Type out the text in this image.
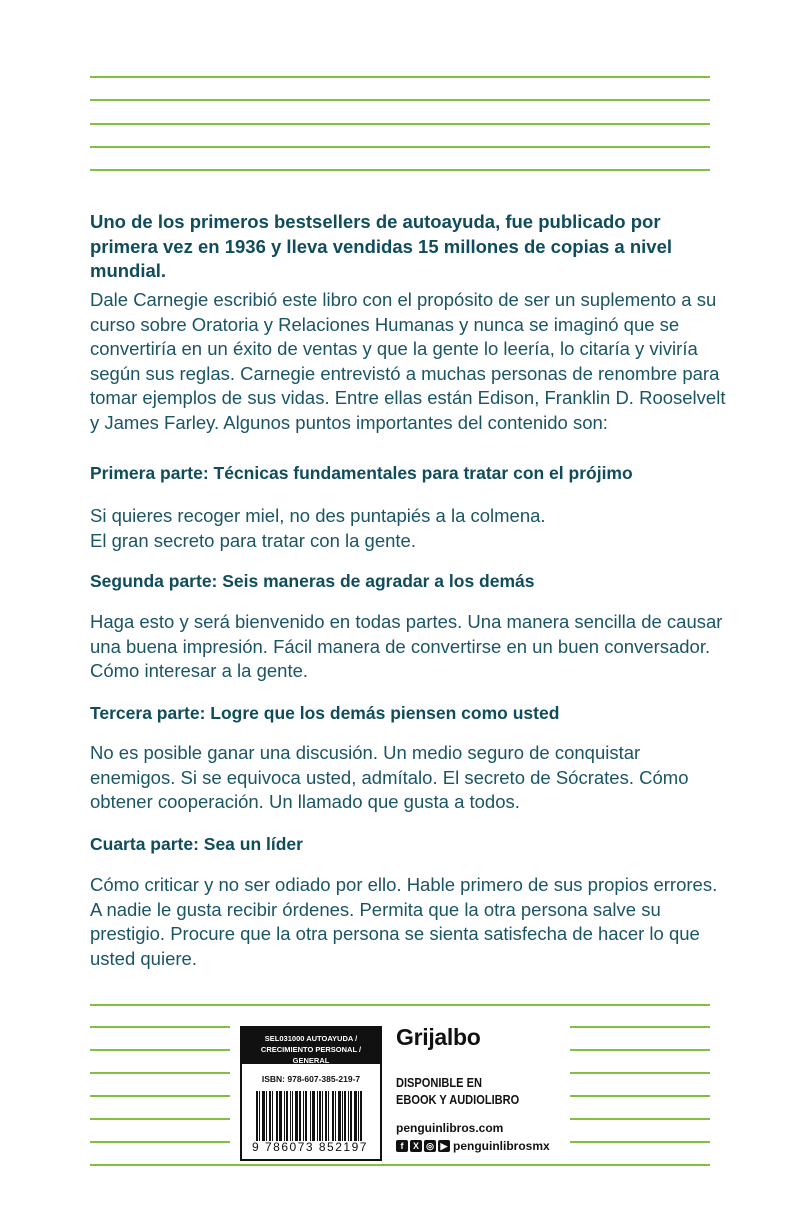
Uno de los primeros bestsellers de autoayuda, fue publicado por primera vez en 1936 y lleva vendidas 15 millones de copias a nivel mundial.

Dale Carnegie escribió este libro con el propósito de ser un suplemento a su curso sobre Oratoria y Relaciones Humanas y nunca se imaginó que se convertiría en un éxito de ventas y que la gente lo leería, lo citaría y viviría según sus reglas. Carnegie entrevistó a muchas personas de renombre para tomar ejemplos de sus vidas. Entre ellas están Edison, Franklin D. Rooselvelt y James Farley. Algunos puntos importantes del contenido son:

Primera parte: Técnicas fundamentales para tratar con el prójimo

Si quieres recoger miel, no des puntapiés a la colmena.
El gran secreto para tratar con la gente.

Segunda parte: Seis maneras de agradar a los demás

Haga esto y será bienvenido en todas partes. Una manera sencilla de causar una buena impresión. Fácil manera de convertirse en un buen conversador. Cómo interesar a la gente.

Tercera parte: Logre que los demás piensen como usted

No es posible ganar una discusión. Un medio seguro de conquistar enemigos. Si se equivoca usted, admítalo. El secreto de Sócrates. Cómo obtener cooperación. Un llamado que gusta a todos.

Cuarta parte: Sea un líder

Cómo criticar y no ser odiado por ello. Hable primero de sus propios errores. A nadie le gusta recibir órdenes. Permita que la otra persona salve su prestigio. Procure que la otra persona se sienta satisfecha de hacer lo que usted quiere.

SEL031000 AUTOAYUDA /
CRECIMIENTO PERSONAL / GENERAL
ISBN: 978-607-385-219-7
9 786073 852197
Grijalbo
DISPONIBLE EN
EBOOK Y AUDIOLIBRO
penguinlibros.com
f	X ◎ ▶ penguinlibrosmx
